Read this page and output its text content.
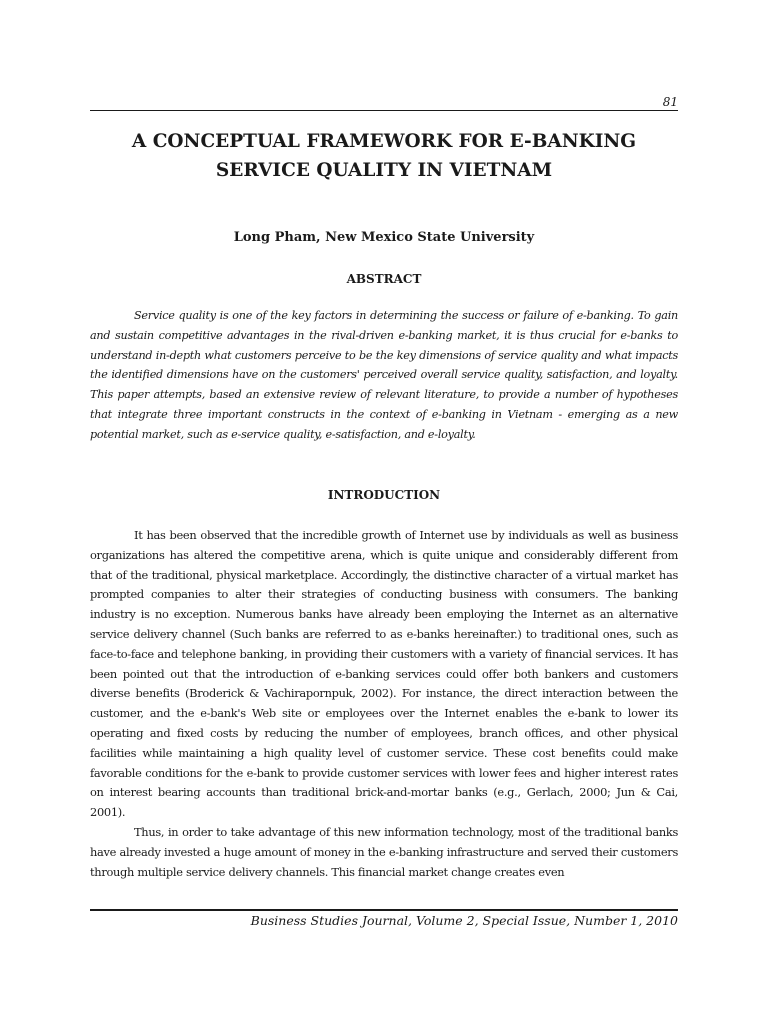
81
A CONCEPTUAL FRAMEWORK FOR E-BANKING
SERVICE QUALITY IN VIETNAM

Long Pham, New Mexico State University

ABSTRACT

Service quality is one of the key factors in determining the success or failure of e-banking. To gain and sustain competitive advantages in the rival-driven e-banking market, it is thus crucial for e-banks to understand in-depth what customers perceive to be the key dimensions of service quality and what impacts the identified dimensions have on the customers' perceived overall service quality, satisfaction, and loyalty. This paper attempts, based an extensive review of relevant literature, to provide a number of hypotheses that integrate three important constructs in the context of e-banking in Vietnam - emerging as a new potential market, such as e-service quality, e-satisfaction, and e-loyalty.

INTRODUCTION

It has been observed that the incredible growth of Internet use by individuals as well as business organizations has altered the competitive arena, which is quite unique and considerably different from that of the traditional, physical marketplace. Accordingly, the distinctive character of a virtual market has prompted companies to alter their strategies of conducting business with consumers. The banking industry is no exception. Numerous banks have already been employing the Internet as an alternative service delivery channel (Such banks are referred to as e-banks hereinafter.) to traditional ones, such as face-to-face and telephone banking, in providing their customers with a variety of financial services. It has been pointed out that the introduction of e-banking services could offer both bankers and customers diverse benefits (Broderick & Vachirapornpuk, 2002). For instance, the direct interaction between the customer, and the e-bank's Web site or employees over the Internet enables the e-bank to lower its operating and fixed costs by reducing the number of employees, branch offices, and other physical facilities while maintaining a high quality level of customer service. These cost benefits could make favorable conditions for the e-bank to provide customer services with lower fees and higher interest rates on interest bearing accounts than traditional brick-and-mortar banks (e.g., Gerlach, 2000; Jun & Cai, 2001).

Thus, in order to take advantage of this new information technology, most of the traditional banks have already invested a huge amount of money in the e-banking infrastructure and served their customers through multiple service delivery channels. This financial market change creates even

Business Studies Journal, Volume 2, Special Issue, Number 1, 2010
